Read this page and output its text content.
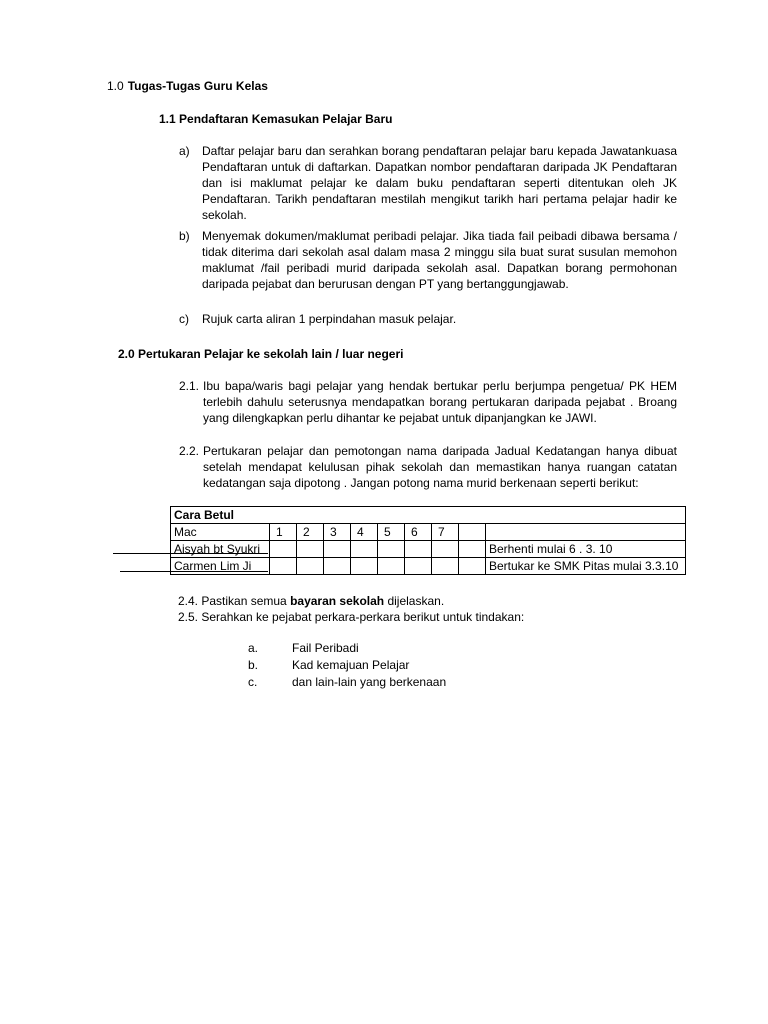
1.0 Tugas-Tugas Guru Kelas
1.1 Pendaftaran Kemasukan Pelajar Baru
a) Daftar pelajar baru dan serahkan borang pendaftaran pelajar baru kepada Jawatankuasa Pendaftaran untuk di daftarkan. Dapatkan nombor pendaftaran daripada JK Pendaftaran dan isi maklumat pelajar ke dalam buku pendaftaran seperti ditentukan oleh JK Pendaftaran. Tarikh pendaftaran mestilah mengikut tarikh hari pertama pelajar hadir ke sekolah.
b) Menyemak dokumen/maklumat peribadi pelajar. Jika tiada fail peibadi dibawa bersama / tidak diterima dari sekolah asal dalam masa 2 minggu sila buat surat susulan memohon maklumat /fail peribadi murid daripada sekolah asal. Dapatkan borang permohonan daripada pejabat dan berurusan dengan PT yang bertanggungjawab.
c) Rujuk carta aliran 1 perpindahan masuk pelajar.
2.0 Pertukaran Pelajar ke sekolah lain / luar negeri
2.1. Ibu bapa/waris bagi pelajar yang hendak bertukar perlu berjumpa pengetua/ PK HEM terlebih dahulu seterusnya mendapatkan borang pertukaran daripada pejabat . Broang yang dilengkapkan perlu dihantar ke pejabat untuk dipanjangkan ke JAWI.
2.2. Pertukaran pelajar dan pemotongan nama daripada Jadual Kedatangan hanya dibuat setelah mendapat kelulusan pihak sekolah dan memastikan hanya ruangan catatan kedatangan saja dipotong . Jangan potong nama murid berkenaan seperti berikut:
Cara Betul									
Mac	1	2	3	4	5	6	7		
Aisyah bt Syukri									Berhenti mulai 6 . 3. 10
Carmen Lim Ji									Bertukar ke SMK Pitas mulai 3.3.10
2.4. Pastikan semua bayaran sekolah dijelaskan.
2.5. Serahkan ke pejabat perkara-perkara berikut untuk tindakan:
a.	Fail Peribadi
b.	Kad kemajuan Pelajar
c.	dan lain-lain yang berkenaan
